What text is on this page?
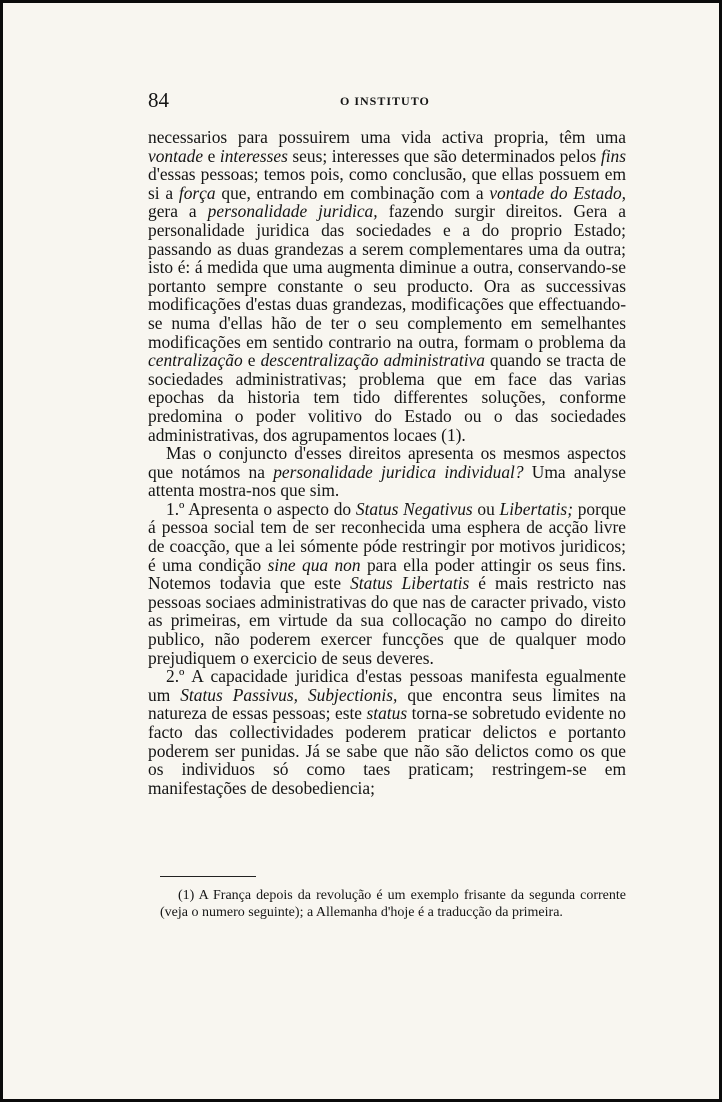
84	O INSTITUTO

necessarios para possuirem uma vida activa propria, têm uma vontade e interesses seus; interesses que são determinados pelos fins d'essas pessoas; temos pois, como conclusão, que ellas possuem em si a força que, entrando em combinação com a vontade do Estado, gera a personalidade juridica, fazendo surgir direitos. Gera a personalidade juridica das sociedades e a do proprio Estado; passando as duas grandezas a serem complementares uma da outra; isto é: á medida que uma augmenta diminue a outra, conservando-se portanto sempre constante o seu producto. Ora as successivas modificações d'estas duas grandezas, modificações que effectuando-se numa d'ellas hão de ter o seu complemento em semelhantes modificações em sentido contrario na outra, formam o problema da centralização e descentralização administrativa quando se tracta de sociedades administrativas; problema que em face das varias epochas da historia tem tido differentes soluções, conforme predomina o poder volitivo do Estado ou o das sociedades administrativas, dos agrupamentos locaes (1).

Mas o conjuncto d'esses direitos apresenta os mesmos aspectos que notámos na personalidade juridica individual? Uma analyse attenta mostra-nos que sim.

1.º Apresenta o aspecto do Status Negativus ou Libertatis; porque á pessoa social tem de ser reconhecida uma esphera de acção livre de coacção, que a lei sómente póde restringir por motivos juridicos; é uma condição sine qua non para ella poder attingir os seus fins. Notemos todavia que este Status Libertatis é mais restricto nas pessoas sociaes administrativas do que nas de caracter privado, visto as primeiras, em virtude da sua collocação no campo do direito publico, não poderem exercer funcções que de qualquer modo prejudiquem o exercicio de seus deveres.

2.º A capacidade juridica d'estas pessoas manifesta egualmente um Status Passivus, Subjectionis, que encontra seus limites na natureza de essas pessoas; este status torna-se sobretudo evidente no facto das collectividades poderem praticar delictos e portanto poderem ser punidas. Já se sabe que não são delictos como os que os individuos só como taes praticam; restringem-se em manifestações de desobediencia;

(1) A França depois da revolução é um exemplo frisante da segunda corrente (veja o numero seguinte); a Allemanha d'hoje é a traducção da primeira.
